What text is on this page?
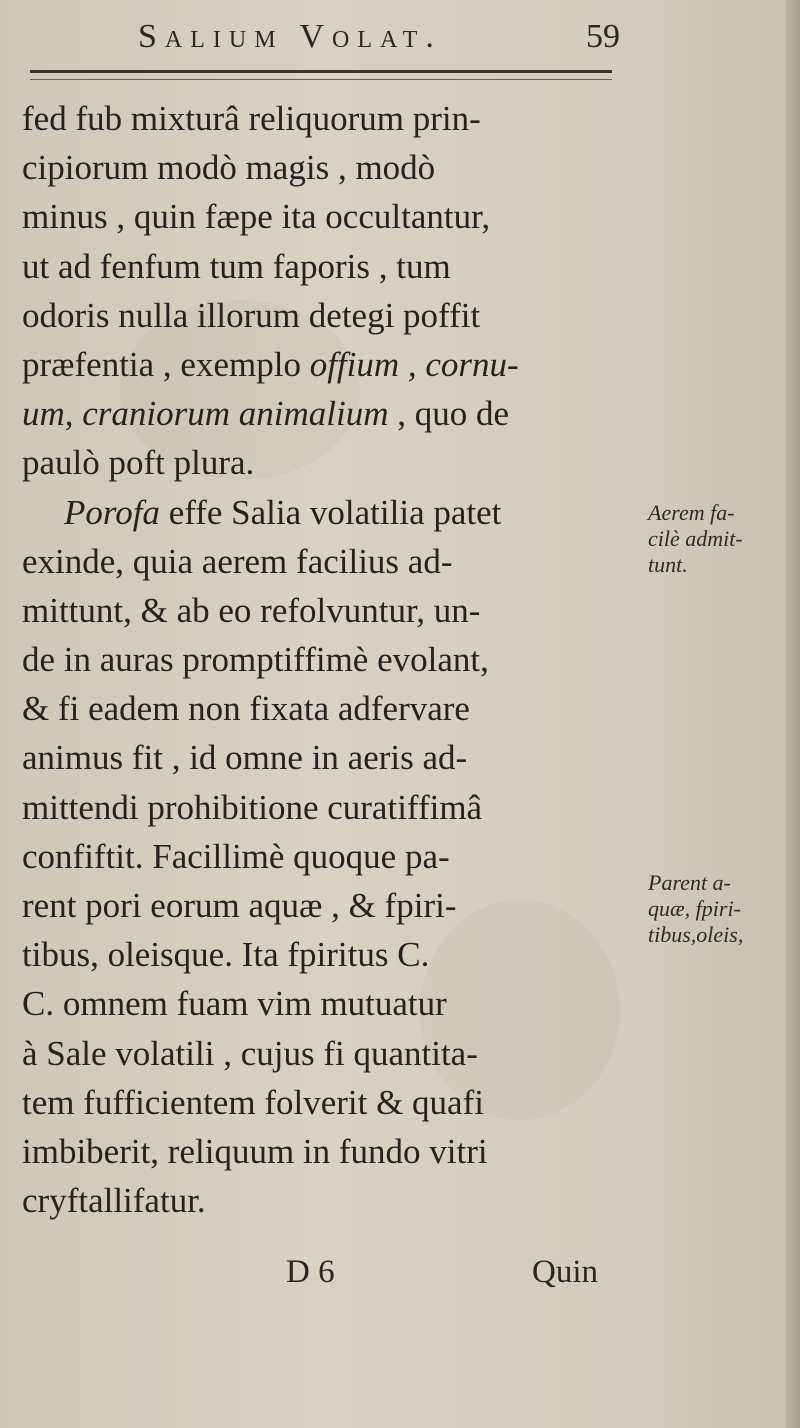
Salium Volat.	59
fed fub mixturâ reliquorum prin-
cipiorum modò magis , modò
minus , quin fæpe ita occultantur,
ut ad fenfum tum faporis , tum
odoris nulla illorum detegi poffit
præfentia , exemplo offium , cornu-
um, craniorum animalium , quo de
paulò poft plura.
Porofa effe Salia volatilia patet
exinde, quia aerem facilius ad-
mittunt, & ab eo refolvuntur, un-
de in auras promptiffimè evolant,
& fi eadem non fixata adfervare
animus fit , id omne in aeris ad-
mittendi prohibitione curatiffimâ
confiftit. Facillimè quoque pa-
rent pori eorum aquæ , & fpiri-
tibus, oleisque. Ita fpiritus C.
C. omnem fuam vim mutuatur
à Sale volatili , cujus fi quantita-
tem fufficientem folverit & quafi
imbiberit, reliquum in fundo vitri
cryftallifatur.
Aerem fa-
cilè admit-
tunt.
Parent a-
quæ, fpiri-
tibus,oleis,
D 6	Quin
